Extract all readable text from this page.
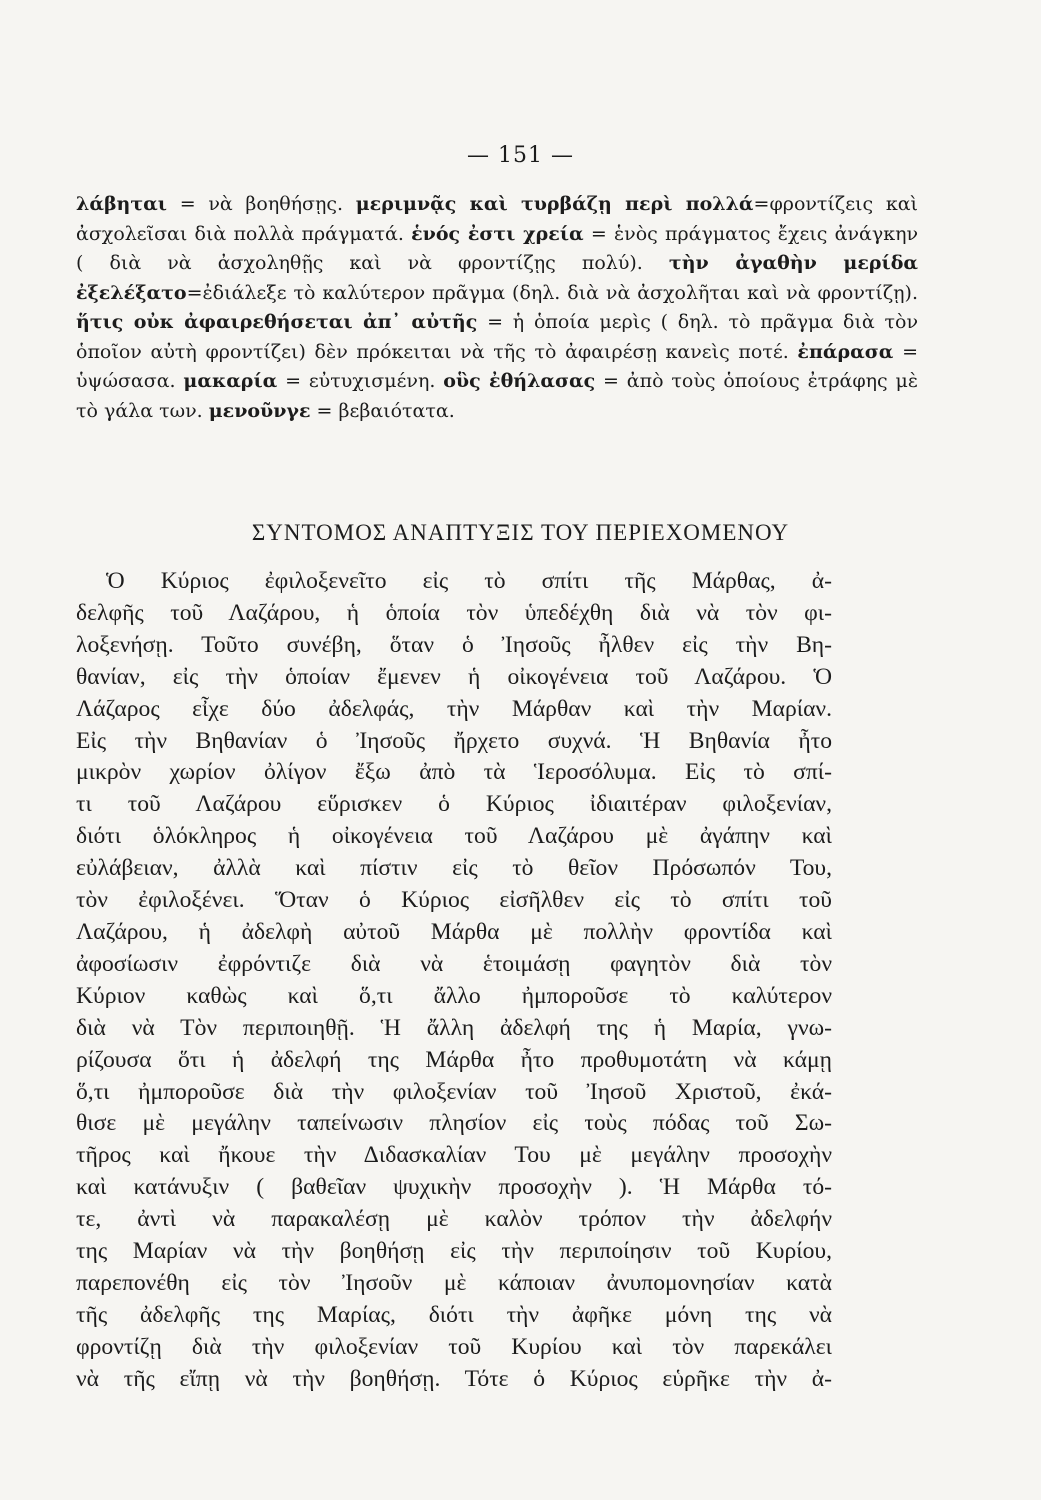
— 151 —

λάβηται = νὰ βοηθήσῃς. μεριμνᾷς καὶ τυρβάζῃ περὶ πολλά=φροντίζεις καὶ ἀσχολεῖσαι διὰ πολλὰ πράγματά. ἑνός ἐστι χρεία = ἑνὸς πράγματος ἔχεις ἀνάγκην ( διὰ νὰ ἀσχοληθῇς καὶ νὰ φροντίζῃς πολύ). τὴν ἀγαθὴν μερίδα ἐξελέξατο=ἐδιάλεξε τὸ καλύτερον πρᾶγμα (δηλ. διὰ νὰ ἀσχολῆται καὶ νὰ φροντίζῃ). ἥτις οὐκ ἀφαιρεθήσεται ἀπ᾽ αὐτῆς = ἡ ὁποία μερὶς ( δηλ. τὸ πρᾶγμα διὰ τὸν ὁποῖον αὐτὴ φροντίζει) δὲν πρόκειται νὰ τῆς τὸ ἀφαιρέσῃ κανεὶς ποτέ. ἐπάρασα = ὑψώσασα. μακαρία = εὐτυχισμένη. οὓς ἐθήλασας = ἀπὸ τοὺς ὁποίους ἐτράφης μὲ τὸ γάλα των. μενοῦνγε = βεβαιότατα.

ΣΥΝΤΟΜΟΣ ΑΝΑΠΤΥΞΙΣ ΤΟΥ ΠΕΡΙΕΧΟΜΕΝΟΥ
Ὁ Κύριος ἐφιλοξενεῖτο εἰς τὸ σπίτι τῆς Μάρθας, ἀ-
δελφῆς τοῦ Λαζάρου, ἡ ὁποία τὸν ὑπεδέχθη διὰ νὰ τὸν φι-
λοξενήσῃ. Τοῦτο συνέβη, ὅταν ὁ Ἰησοῦς ἦλθεν εἰς τὴν Βη-
θανίαν, εἰς τὴν ὁποίαν ἔμενεν ἡ οἰκογένεια τοῦ Λαζάρου. Ὁ
Λάζαρος εἶχε δύο ἀδελφάς, τὴν Μάρθαν καὶ τὴν Μαρίαν.
Εἰς τὴν Βηθανίαν ὁ Ἰησοῦς ἤρχετο συχνά. Ἡ Βηθανία ἦτο
μικρὸν χωρίον ὀλίγον ἔξω ἀπὸ τὰ Ἱεροσόλυμα. Εἰς τὸ σπί-
τι τοῦ Λαζάρου εὕρισκεν ὁ Κύριος ἰδιαιτέραν φιλοξενίαν,
διότι ὁλόκληρος ἡ οἰκογένεια τοῦ Λαζάρου μὲ ἀγάπην καὶ
εὐλάβειαν, ἀλλὰ καὶ πίστιν εἰς τὸ θεῖον Πρόσωπόν Του,
τὸν ἐφιλοξένει. Ὅταν ὁ Κύριος εἰσῆλθεν εἰς τὸ σπίτι τοῦ
Λαζάρου, ἡ ἀδελφὴ αὐτοῦ Μάρθα μὲ πολλὴν φροντίδα καὶ
ἀφοσίωσιν ἐφρόντιζε διὰ νὰ ἑτοιμάσῃ φαγητὸν διὰ τὸν
Κύριον καθὼς καὶ ὅ,τι ἄλλο ἠμποροῦσε τὸ καλύτερον
διὰ νὰ Τὸν περιποιηθῇ. Ἡ ἄλλη ἀδελφή της ἡ Μαρία, γνω-
ρίζουσα ὅτι ἡ ἀδελφή της Μάρθα ἦτο προθυμοτάτη νὰ κάμῃ
ὅ,τι ἠμποροῦσε διὰ τὴν φιλοξενίαν τοῦ Ἰησοῦ Χριστοῦ, ἐκά-
θισε μὲ μεγάλην ταπείνωσιν πλησίον εἰς τοὺς πόδας τοῦ Σω-
τῆρος καὶ ἤκουε τὴν Διδασκαλίαν Του μὲ μεγάλην προσοχὴν
καὶ κατάνυξιν ( βαθεῖαν ψυχικὴν προσοχὴν ). Ἡ Μάρθα τό-
τε, ἀντὶ νὰ παρακαλέσῃ μὲ καλὸν τρόπον τὴν ἀδελφήν
της Μαρίαν νὰ τὴν βοηθήσῃ εἰς τὴν περιποίησιν τοῦ Κυρίου,
παρεπονέθη εἰς τὸν Ἰησοῦν μὲ κάποιαν ἀνυπομονησίαν κατὰ
τῆς ἀδελφῆς της Μαρίας, διότι τὴν ἀφῆκε μόνη της νὰ
φροντίζῃ διὰ τὴν φιλοξενίαν τοῦ Κυρίου καὶ τὸν παρεκάλει
νὰ τῆς εἴπῃ νὰ τὴν βοηθήσῃ. Τότε ὁ Κύριος εὑρῆκε τὴν ἀ-
